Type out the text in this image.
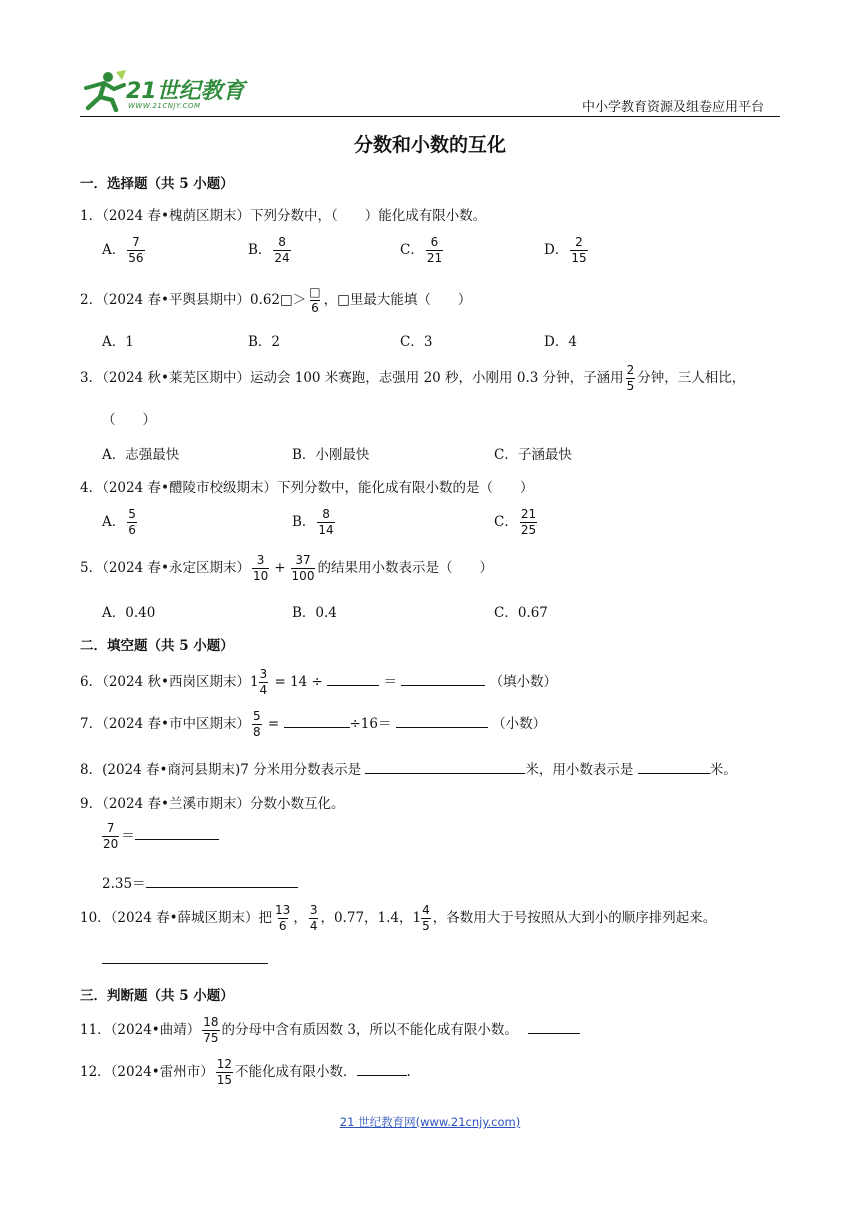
21世纪教育
WWW.21CNJY.COM	中小学教育资源及组卷应用平台
分数和小数的互化
一．选择题（共 5 小题）
1．（2024 春•槐荫区期末）下列分数中，（　　）能化成有限小数。
A． $\frac{7}{56}$	B． $\frac{8}{24}$	C． $\frac{6}{21}$	D． $\frac{2}{15}$
2．（2024 春•平舆县期中）0.62□＞ $\frac{□}{6}$ ，□里最大能填（　　）
A．1	B．2	C．3	D．4
3．（2024 秋•莱芜区期中）运动会 100 米赛跑，志强用 20 秒，小刚用 0.3 分钟，子涵用 $\frac{2}{5}$ 分钟，三人相比，
（　　）
A．志强最快	B．小刚最快	C．子涵最快
4．（2024 春•醴陵市校级期末）下列分数中，能化成有限小数的是（　　）
A． $\frac{5}{6}$	B． $\frac{8}{14}$	C． $\frac{21}{25}$
5．（2024 春•永定区期末） $\frac{3}{10} + \frac{37}{100}$ 的结果用小数表示是（　　）
A．0.40	B．0.4	C．0.67
二．填空题（共 5 小题）
6．（2024 秋•西岗区期末）$1 \frac{3}{4} = 14$ ÷	＝	（填小数）
7．（2024 春•市中区期末） $\frac{5}{8}$ =	÷16＝	（小数）
8．(2024 春•商河县期末)7 分米用分数表示是	米，用小数表示是	米。
9．（2024 春•兰溪市期末）分数小数互化。
$\frac{7}{20}$ ＝
2.35＝
10．（2024 春•薛城区期末）把 $\frac{13}{6}$ ， $\frac{3}{4}$ ，0.77，1.4，$1 \frac{4}{5}$ ，各数用大于号按照从大到小的顺序排列起来。
三．判断题（共 5 小题）
11．（2024•曲靖） $\frac{18}{75}$ 的分母中含有质因数 3，所以不能化成有限小数。
12．（2024•雷州市） $\frac{12}{15}$ 不能化成有限小数．	.
21 世纪教育网(www.21cnjy.com)
